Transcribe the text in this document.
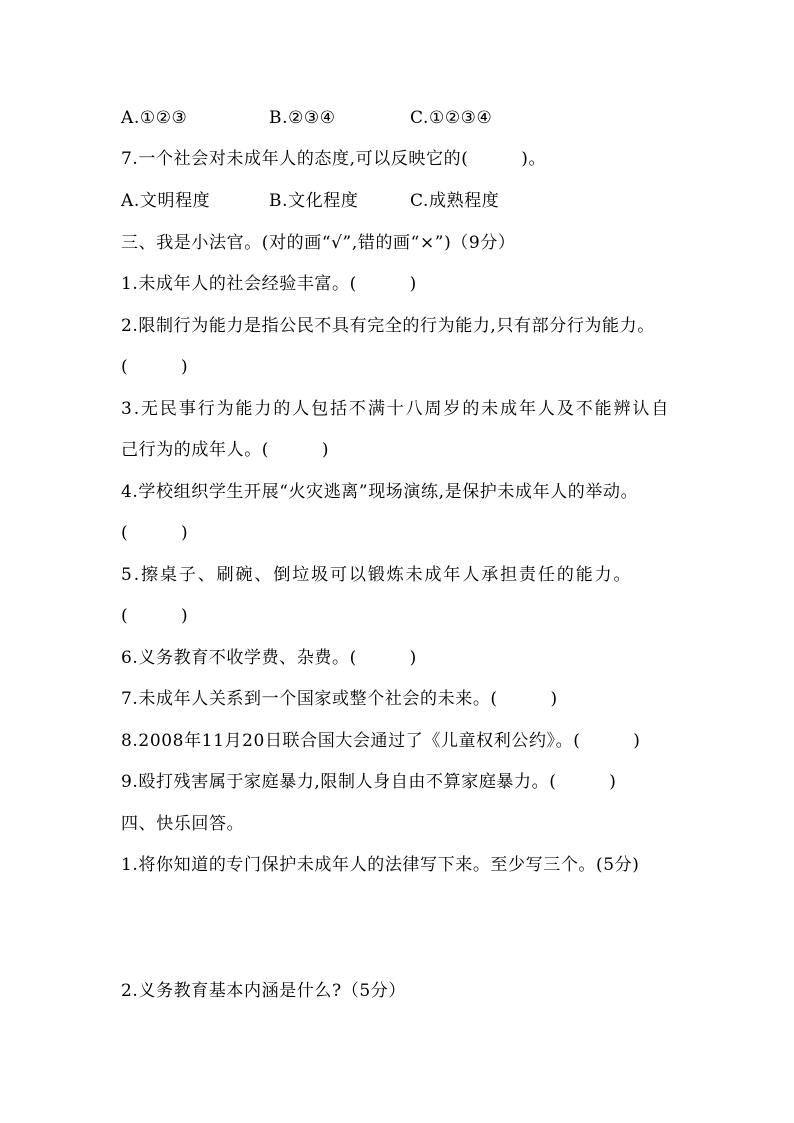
A.①②③	B.②③④	C.①②③④
7.一个社会对未成年人的态度,可以反映它的(　　　)。
A.文明程度	B.文化程度	C.成熟程度
三、我是小法官。(对的画“√”,错的画“×”)（9分）
1.未成年人的社会经验丰富。(　　　)
2.限制行为能力是指公民不具有完全的行为能力,只有部分行为能力。
(　　　)
3.无民事行为能力的人包括不满十八周岁的未成年人及不能辨认自
己行为的成年人。(　　　)
4.学校组织学生开展“火灾逃离”现场演练,是保护未成年人的举动。
(　　　)
5.擦桌子、刷碗、倒垃圾可以锻炼未成年人承担责任的能力。
(　　　)
6.义务教育不收学费、杂费。(　　　)
7.未成年人关系到一个国家或整个社会的未来。(　　　)
8.2008年11月20日联合国大会通过了《儿童权利公约》。(　　　)
9.殴打残害属于家庭暴力,限制人身自由不算家庭暴力。(　　　)
四、快乐回答。
1.将你知道的专门保护未成年人的法律写下来。至少写三个。(5分)
2.义务教育基本内涵是什么?（5分）
